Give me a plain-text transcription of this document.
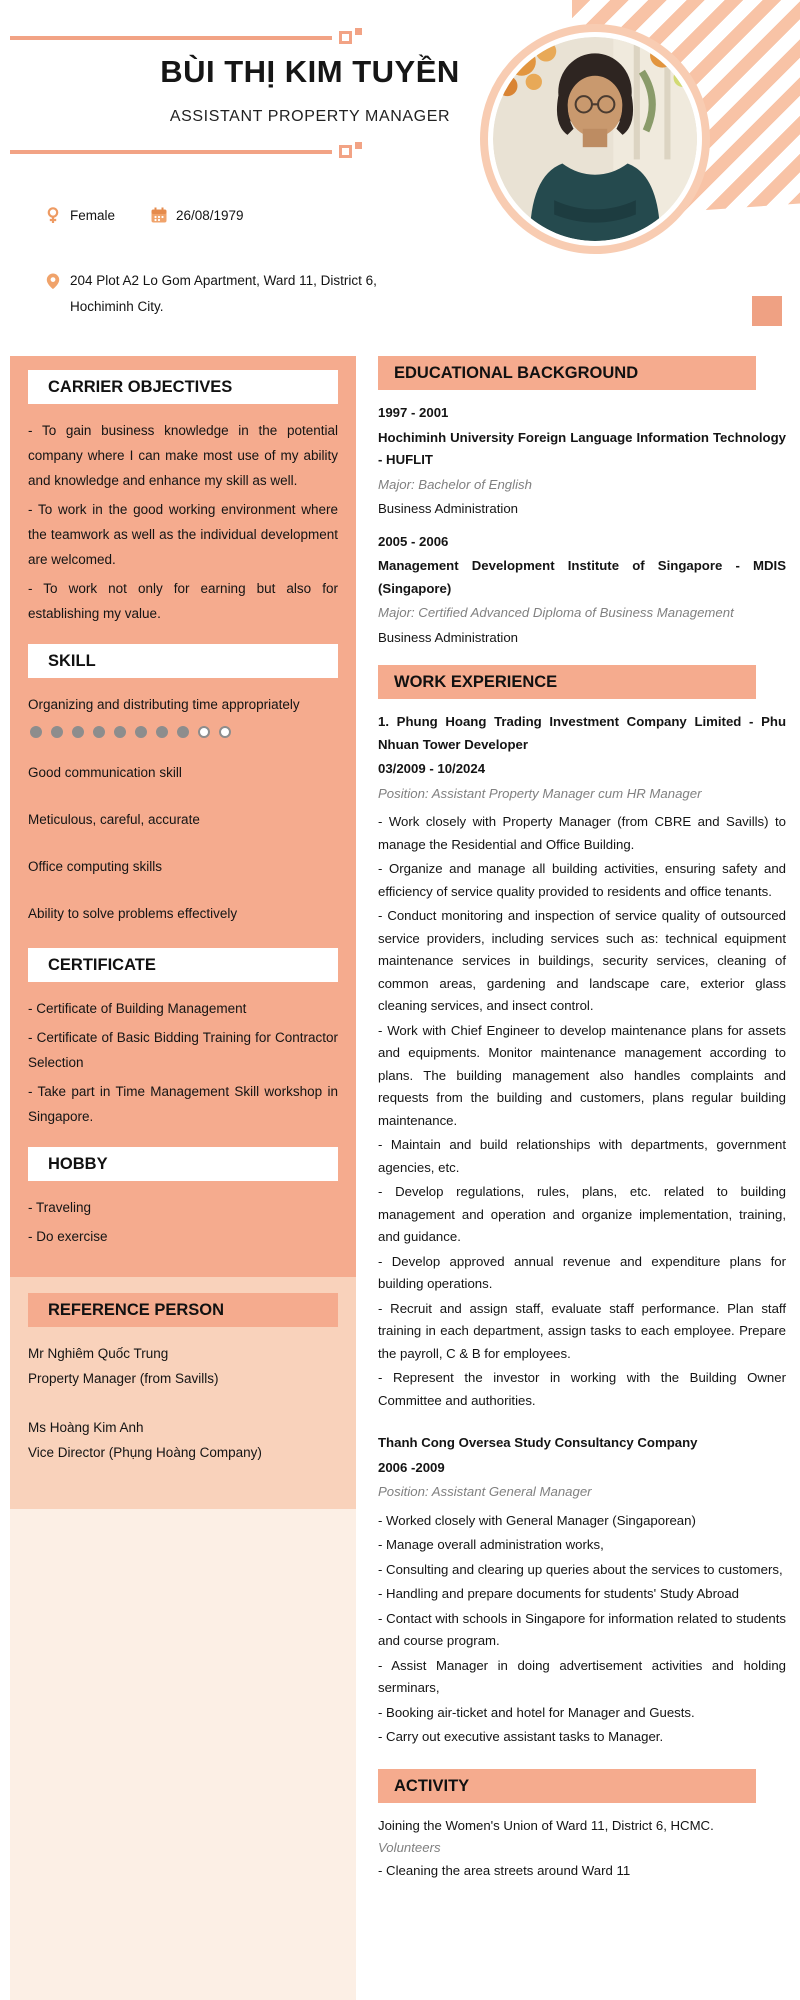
BÙI THỊ KIM TUYỀN
ASSISTANT PROPERTY MANAGER
Female	26/08/1979
204 Plot A2 Lo Gom Apartment, Ward 11, District 6,
Hochiminh City.
CARRIER OBJECTIVES

- To gain business knowledge in the potential company where I can make most use of my ability and knowledge and enhance my skill as well.

- To work in the good working environment where the teamwork as well as the individual development are welcomed.

- To work not only for earning but also for establishing my value.

SKILL
Organizing and distributing time appropriately
Good communication skill
Meticulous, careful, accurate
Office computing skills
Ability to solve problems effectively
CERTIFICATE

- Certificate of Building Management

- Certificate of Basic Bidding Training for Contractor Selection

- Take part in Time Management Skill workshop in Singapore.

HOBBY

- Traveling

- Do exercise

REFERENCE PERSON
Mr Nghiêm Quốc Trung
Property Manager (from Savills)
Ms Hoàng Kim Anh
Vice Director (Phụng Hoàng Company)
EDUCATIONAL BACKGROUND
1997 - 2001
Hochiminh University Foreign Language Information Technology - HUFLIT
Major: Bachelor of English
Business Administration
2005 - 2006
Management Development Institute of Singapore - MDIS (Singapore)
Major: Certified Advanced Diploma of Business Management
Business Administration
WORK EXPERIENCE
1. Phung Hoang Trading Investment Company Limited - Phu Nhuan Tower Developer
03/2009 - 10/2024
Position: Assistant Property Manager cum HR Manager

- Work closely with Property Manager (from CBRE and Savills) to manage the Residential and Office Building.

- Organize and manage all building activities, ensuring safety and efficiency of service quality provided to residents and office tenants.

- Conduct monitoring and inspection of service quality of outsourced service providers, including services such as: technical equipment maintenance services in buildings, security services, cleaning of common areas, gardening and landscape care, exterior glass cleaning services, and insect control.

- Work with Chief Engineer to develop maintenance plans for assets and equipments. Monitor maintenance management according to plans. The building management also handles complaints and requests from the building and customers, plans regular building maintenance.

- Maintain and build relationships with departments, government agencies, etc.

- Develop regulations, rules, plans, etc. related to building management and operation and organize implementation, training, and guidance.

- Develop approved annual revenue and expenditure plans for building operations.

- Recruit and assign staff, evaluate staff performance. Plan staff training in each department, assign tasks to each employee. Prepare the payroll, C & B for employees.

- Represent the investor in working with the Building Owner Committee and authorities.

Thanh Cong Oversea Study Consultancy Company
2006 -2009
Position: Assistant General Manager

- Worked closely with General Manager (Singaporean)

- Manage overall administration works,

- Consulting and clearing up queries about the services to customers,

- Handling and prepare documents for students' Study Abroad

- Contact with schools in Singapore for information related to students and course program.

- Assist Manager in doing advertisement activities and holding serminars,

- Booking air-ticket and hotel for Manager and Guests.

- Carry out executive assistant tasks to Manager.

ACTIVITY
Joining the Women's Union of Ward 11, District 6, HCMC.
Volunteers
- Cleaning the area streets around Ward 11
